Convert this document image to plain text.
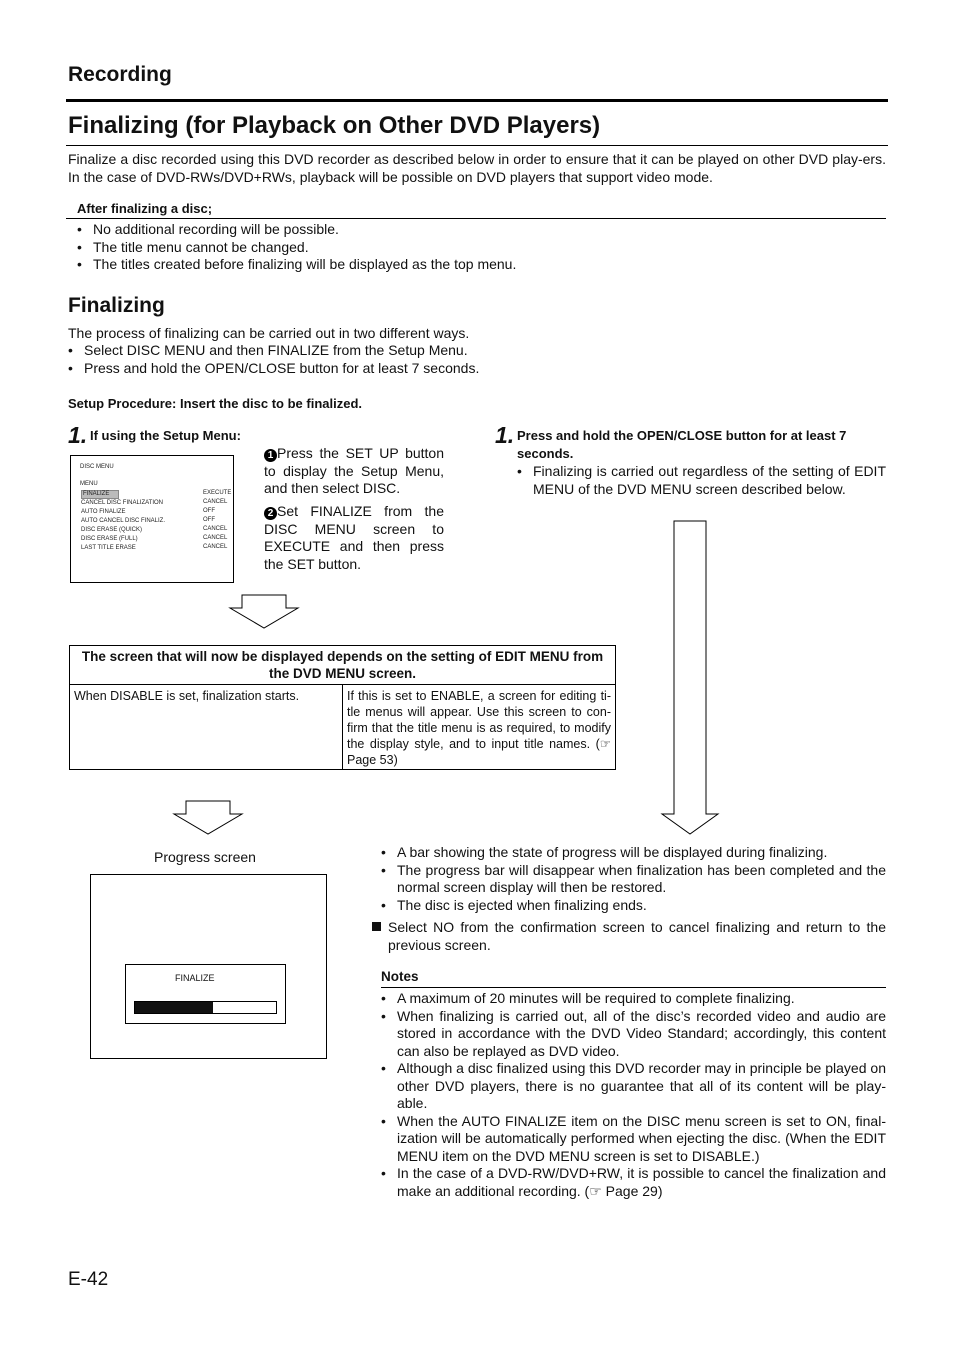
Recording
Finalizing (for Playback on Other DVD Players)
Finalize a disc recorded using this DVD recorder as described below in order to ensure that it can be played on other DVD play-ers. In the case of DVD-RWs/DVD+RWs, playback will be possible on DVD players that support video mode.
After finalizing a disc;
• No additional recording will be possible.
• The title menu cannot be changed.
• The titles created before finalizing will be displayed as the top menu.
Finalizing
The process of finalizing can be carried out in two different ways.
• Select DISC MENU and then FINALIZE from the Setup Menu.
• Press and hold the OPEN/CLOSE button for at least 7 seconds.
Setup Procedure: Insert the disc to be finalized.
1. If using the Setup Menu:
DISC MENU
MENU
FINALIZE
CANCEL DISC FINALIZATION
AUTO FINALIZE
AUTO CANCEL DISC FINALIZ.
DISC ERASE (QUICK)
DISC ERASE (FULL)
LAST TITLE ERASE
EXECUTE
CANCEL
OFF
OFF
CANCEL
CANCEL
CANCEL
1 Press the SET UP button to display the Setup Menu, and then select DISC.
2 Set FINALIZE from the DISC MENU screen to EXECUTE and then press the SET button.
1. Press and hold the OPEN/CLOSE button for at least 7 seconds.
• Finalizing is carried out regardless of the setting of EDIT MENU of the DVD MENU screen described below.
The screen that will now be displayed depends on the setting of EDIT MENU from the DVD MENU screen.
When DISABLE is set, finalization starts.	If this is set to ENABLE, a screen for editing ti-tle menus will appear. Use this screen to con-firm that the title menu is as required, to modify the display style, and to input title names. (☞ Page 53)
Progress screen
FINALIZE
• A bar showing the state of progress will be displayed during finalizing.
• The progress bar will disappear when finalization has been completed and the normal screen display will then be restored.
• The disc is ejected when finalizing ends.
Select NO from the confirmation screen to cancel finalizing and return to the previous screen.
Notes
• A maximum of 20 minutes will be required to complete finalizing.
• When finalizing is carried out, all of the disc’s recorded video and audio are stored in accordance with the DVD Video Standard; accordingly, this content can also be replayed as DVD video.
• Although a disc finalized using this DVD recorder may in principle be played on other DVD players, there is no guarantee that all of its content will be play-able.
• When the AUTO FINALIZE item on the DISC menu screen is set to ON, final-ization will be automatically performed when ejecting the disc. (When the EDIT MENU item on the DVD MENU screen is set to DISABLE.)
• In the case of a DVD-RW/DVD+RW, it is possible to cancel the finalization and make an additional recording. (☞ Page 29)
E-42
